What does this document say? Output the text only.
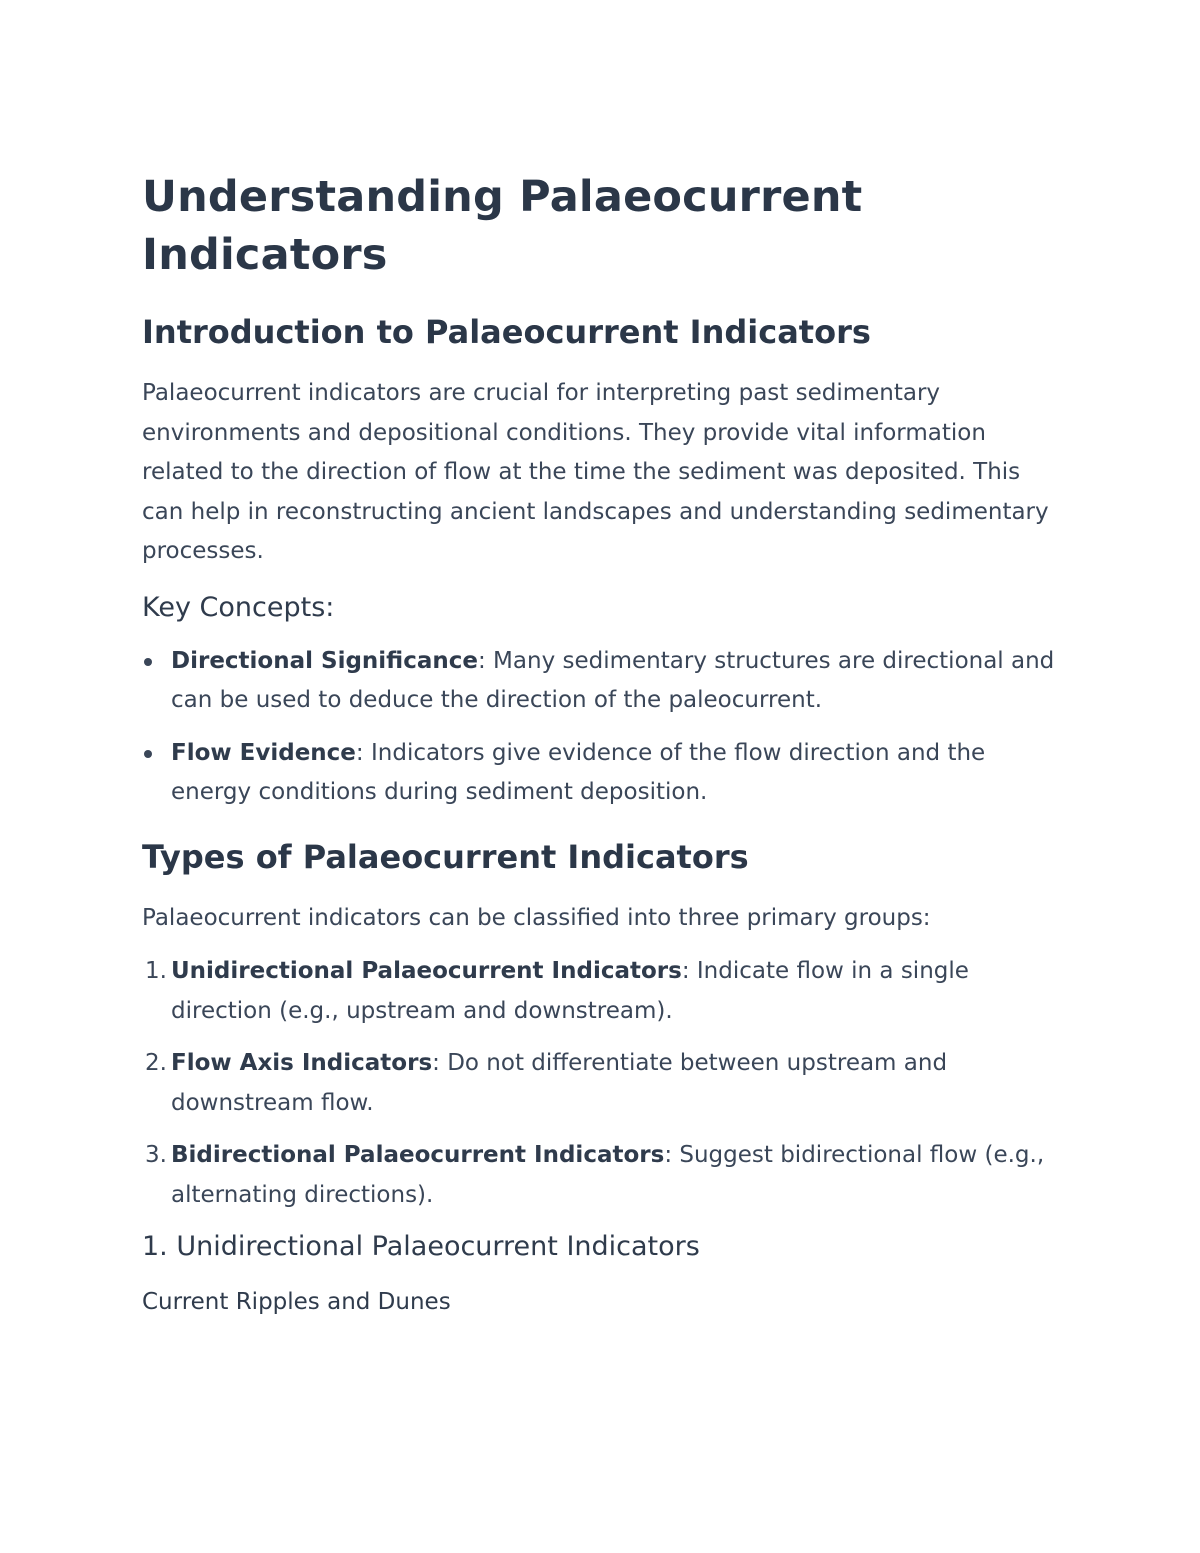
Understanding Palaeocurrent Indicators
Introduction to Palaeocurrent Indicators

Palaeocurrent indicators are crucial for interpreting past sedimentary environments and depositional conditions. They provide vital information related to the direction of flow at the time the sediment was deposited. This can help in reconstructing ancient landscapes and understanding sedimentary processes.

Key Concepts:
Directional Significance: Many sedimentary structures are directional and can be used to deduce the direction of the paleocurrent.
Flow Evidence: Indicators give evidence of the flow direction and the energy conditions during sediment deposition.
Types of Palaeocurrent Indicators

Palaeocurrent indicators can be classified into three primary groups:

1. Unidirectional Palaeocurrent Indicators: Indicate flow in a single direction (e.g., upstream and downstream).
2. Flow Axis Indicators: Do not differentiate between upstream and downstream flow.
3. Bidirectional Palaeocurrent Indicators: Suggest bidirectional flow (e.g., alternating directions).
1. Unidirectional Palaeocurrent Indicators
Current Ripples and Dunes
